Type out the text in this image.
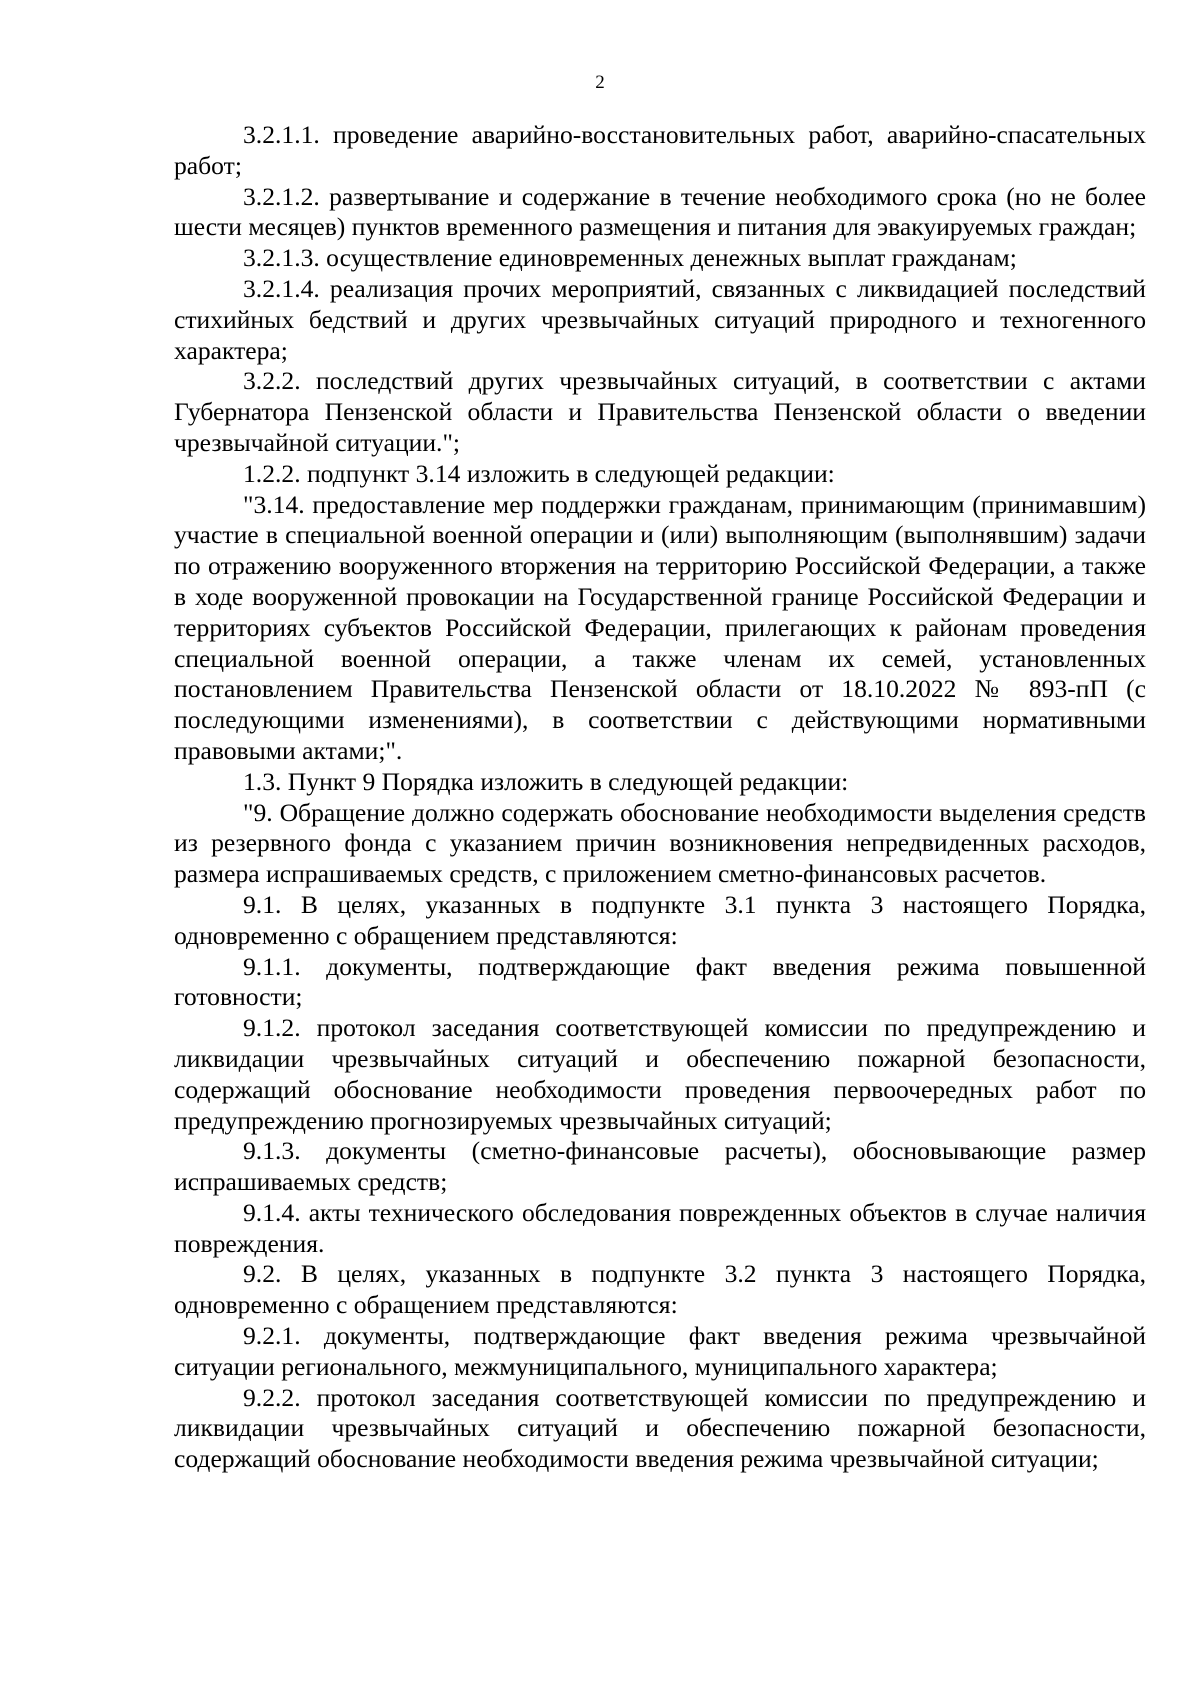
2

3.2.1.1. проведение аварийно-восстановительных работ, аварийно-спасательных работ;

3.2.1.2. развертывание и содержание в течение необходимого срока (но не более шести месяцев) пунктов временного размещения и питания для эвакуируемых граждан;

3.2.1.3. осуществление единовременных денежных выплат гражданам;

3.2.1.4. реализация прочих мероприятий, связанных с ликвидацией последствий стихийных бедствий и других чрезвычайных ситуаций природного и техногенного характера;

3.2.2. последствий других чрезвычайных ситуаций, в соответствии с актами Губернатора Пензенской области и Правительства Пензенской области о введении чрезвычайной ситуации.";

1.2.2. подпункт 3.14 изложить в следующей редакции:

"3.14. предоставление мер поддержки гражданам, принимающим (принимавшим) участие в специальной военной операции и (или) выполняющим (выполнявшим) задачи по отражению вооруженного вторжения на территорию Российской Федерации, а также в ходе вооруженной провокации на Государственной границе Российской Федерации и территориях субъектов Российской Федерации, прилегающих к районам проведения специальной военной операции, а также членам их семей, установленных постановлением Правительства Пензенской области от 18.10.2022 № 893-пП (с последующими изменениями), в соответствии с действующими нормативными правовыми актами;".

1.3. Пункт 9 Порядка изложить в следующей редакции:

"9. Обращение должно содержать обоснование необходимости выделения средств из резервного фонда с указанием причин возникновения непредвиденных расходов, размера испрашиваемых средств, с приложением сметно-финансовых расчетов.

9.1. В целях, указанных в подпункте 3.1 пункта 3 настоящего Порядка, одновременно с обращением представляются:

9.1.1. документы, подтверждающие факт введения режима повышенной готовности;

9.1.2. протокол заседания соответствующей комиссии по предупреждению и ликвидации чрезвычайных ситуаций и обеспечению пожарной безопасности, содержащий обоснование необходимости проведения первоочередных работ по предупреждению прогнозируемых чрезвычайных ситуаций;

9.1.3. документы (сметно-финансовые расчеты), обосновывающие размер испрашиваемых средств;

9.1.4. акты технического обследования поврежденных объектов в случае наличия повреждения.

9.2. В целях, указанных в подпункте 3.2 пункта 3 настоящего Порядка, одновременно с обращением представляются:

9.2.1. документы, подтверждающие факт введения режима чрезвычайной ситуации регионального, межмуниципального, муниципального характера;

9.2.2. протокол заседания соответствующей комиссии по предупреждению и ликвидации чрезвычайных ситуаций и обеспечению пожарной безопасности, содержащий обоснование необходимости введения режима чрезвычайной ситуации;
